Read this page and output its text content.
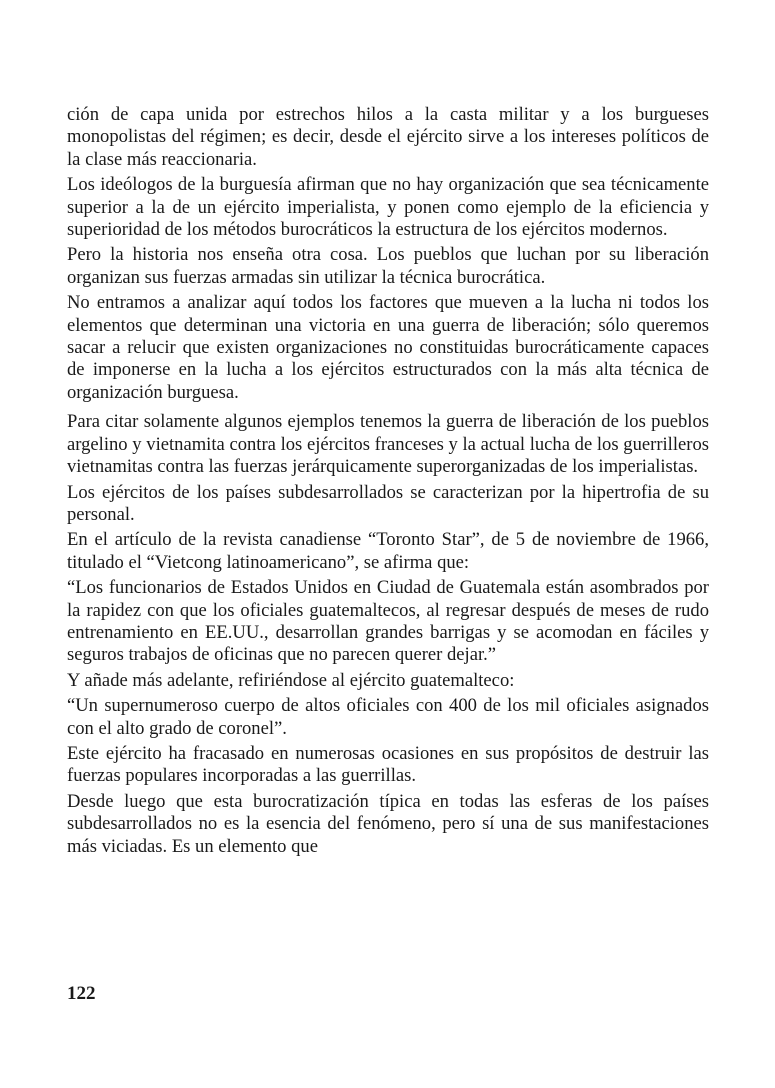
ción de capa unida por estrechos hilos a la casta militar y a los burgueses monopolistas del régimen; es decir, desde el ejército sirve a los intereses políticos de la clase más reaccionaria.

Los ideólogos de la burguesía afirman que no hay organización que sea técnicamente superior a la de un ejército imperialista, y ponen como ejemplo de la eficiencia y superioridad de los métodos burocráticos la estructura de los ejércitos modernos.

Pero la historia nos enseña otra cosa. Los pueblos que luchan por su liberación organizan sus fuerzas armadas sin utilizar la técnica burocrática.

No entramos a analizar aquí todos los factores que mueven a la lucha ni todos los elementos que determinan una victoria en una guerra de liberación; sólo queremos sacar a relucir que existen organizaciones no constituidas burocráticamente capaces de imponerse en la lucha a los ejércitos estructurados con la más alta técnica de organización burguesa.

Para citar solamente algunos ejemplos tenemos la guerra de liberación de los pueblos argelino y vietnamita contra los ejércitos franceses y la actual lucha de los guerrilleros vietnamitas contra las fuerzas jerárquicamente superorganizadas de los imperialistas.

Los ejércitos de los países subdesarrollados se caracterizan por la hipertrofia de su personal.

En el artículo de la revista canadiense “Toronto Star”, de 5 de noviembre de 1966, titulado el “Vietcong latinoamericano”, se afirma que:

“Los funcionarios de Estados Unidos en Ciudad de Guatemala están asombrados por la rapidez con que los oficiales guatemaltecos, al regresar después de meses de rudo entrenamiento en EE.UU., desarrollan grandes barrigas y se acomodan en fáciles y seguros trabajos de oficinas que no parecen querer dejar.”

Y añade más adelante, refiriéndose al ejército guatemalteco:

“Un supernumeroso cuerpo de altos oficiales con 400 de los mil oficiales asignados con el alto grado de coronel”.

Este ejército ha fracasado en numerosas ocasiones en sus propósitos de destruir las fuerzas populares incorporadas a las guerrillas.

Desde luego que esta burocratización típica en todas las esferas de los países subdesarrollados no es la esencia del fenómeno, pero sí una de sus manifestaciones más viciadas. Es un elemento que

122
